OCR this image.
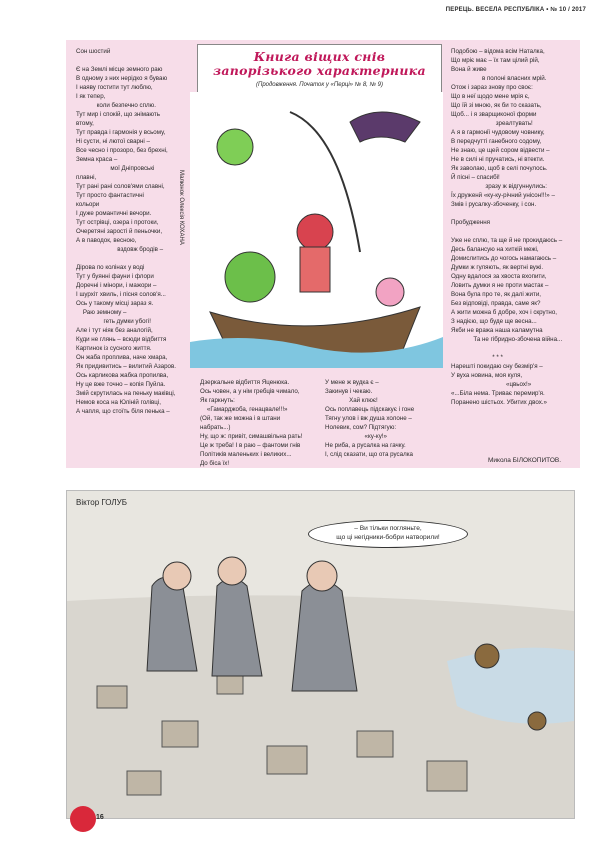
ПЕРЕЦЬ. ВЕСЕЛА РЕСПУБЛІКА • № 10 / 2017
Книга віщих снів
запорізького характерника
(Продовження. Початок у «Перці» № 8, № 9)
Сон шостий

Є на Землі місце земного раю
В одному з них нерідко я буваю
І наяву гостити тут люблю,
І як тепер,
коли безпечно сплю.
Тут мир і спокій, що знімають
втому,
Тут правда і гармонія у всьому,
Ні сусти, ні лютої сварні –
Все чесно і прозоро, без брехні,
Земна краса –
мої Дніпровські
плавні,
Тут рані рані солов'ями славні,
Тут просто фантастичні
кольори
І дуже романтичні вечори.
Тут острівці, озера і протоки,
Очеретяні зарості й пеньочки,
А в паводок, весною,
вздовж бродів –

Дірова по колінах у воді
Тут у буянні фауни і флори
Доречні і мінори, і мажори –
І шурхіт хвиль, і пісня солов'я...
Ось у такому місці зараз я.
Раю земному –
геть думки убогі!
Але і тут ніяк без аналогій,
Куди не глянь – всюди відбиття
Картинок із сусного життя.
Он жаба проплива, наче хмара,
Як придивитись – вилитий Азаров.
Ось карликова жабка пропилва,
Ну це вже точно – копія Пуйла.
Змій скрутилась на пеньку маківці,
Немов коса на Юліній голівці,
А чапля, що стоїть біля пенька –
Малюнок Олексія КОХАНА
Дзеркальне відбиття Яценюка.
Ось човен, а у нім гребців чимало,
Як гаркнуть:
«Гамарджоба, генацвале!!!»
(Ой, так же можна і в штани
набрать...)
Ну, що ж: привіт, симашвільна рать!
Це ж треба! І в раю – фантоми гнів
Політиків маленьких і великих...
До біса їх!
У мене ж вудка є –
Закинув і чекаю.
Хай клює!
Ось поплавець підскакує і гоне
Тягну улов і вж душа холоне –
Нолевик, сом? Підтягую:
«ку-ку!»
Не риба, а русалка на гачку.
І, слід сказати, що ота русалка
Подобою – відома всім Наталка,
Що мріє має – їх там цілий рій,
Вона й живе
в полоні власних мрій.
Отож і зараз знову про своє:
Що в неї щодо мене мрія є,
Що їй зі мною, як би то сказать,
Щоб... і я зварщиконої форми
зреалтувать!
А я в гармонії чудовому човнику,
В передчутті ганебного содому,
Не знаю, це щей сором відвести –
Не в силі ні пручатись, ні втекти.
Як заволаю, щоб в селі почулось.
Й пісні – спасибі!
зразу ж відгуннулись:
Їх друженй «ку-ку-річний унісон!!!» –
Змів і русалку-збоченку, і сон.

Пробудження

Уже не сплю, та ще й не прокидаюсь –
Десь балансую на хиткій межі,
Домислитись до чогось намагаюсь –
Думки ж гуляють, як вертні вужі.
Одну вдалося за хвоста вхопити,
Ловить думки я не проти мастак –
Вона була про те, як далі жити,
Без відповіді, правда, саме як?
А жити можна б добре, хоч і скрутно,
З надією, що буде ще весна...
Якби не вража наша каламутна
Та не гібридно-збочена війна...

* * *
Нарешті покидаю сну безмір'я –
У вуха новина, моя куля,
«цвьох!»
«...Біла нема. Триває перемир'я.
Поранено шістьох. Убитих двох.»
Микола БІЛОКОПИТОВ.
Віктор ГОЛУБ
– Ви тільки погляньте,
що ці негідники-бобри натворили!
16
